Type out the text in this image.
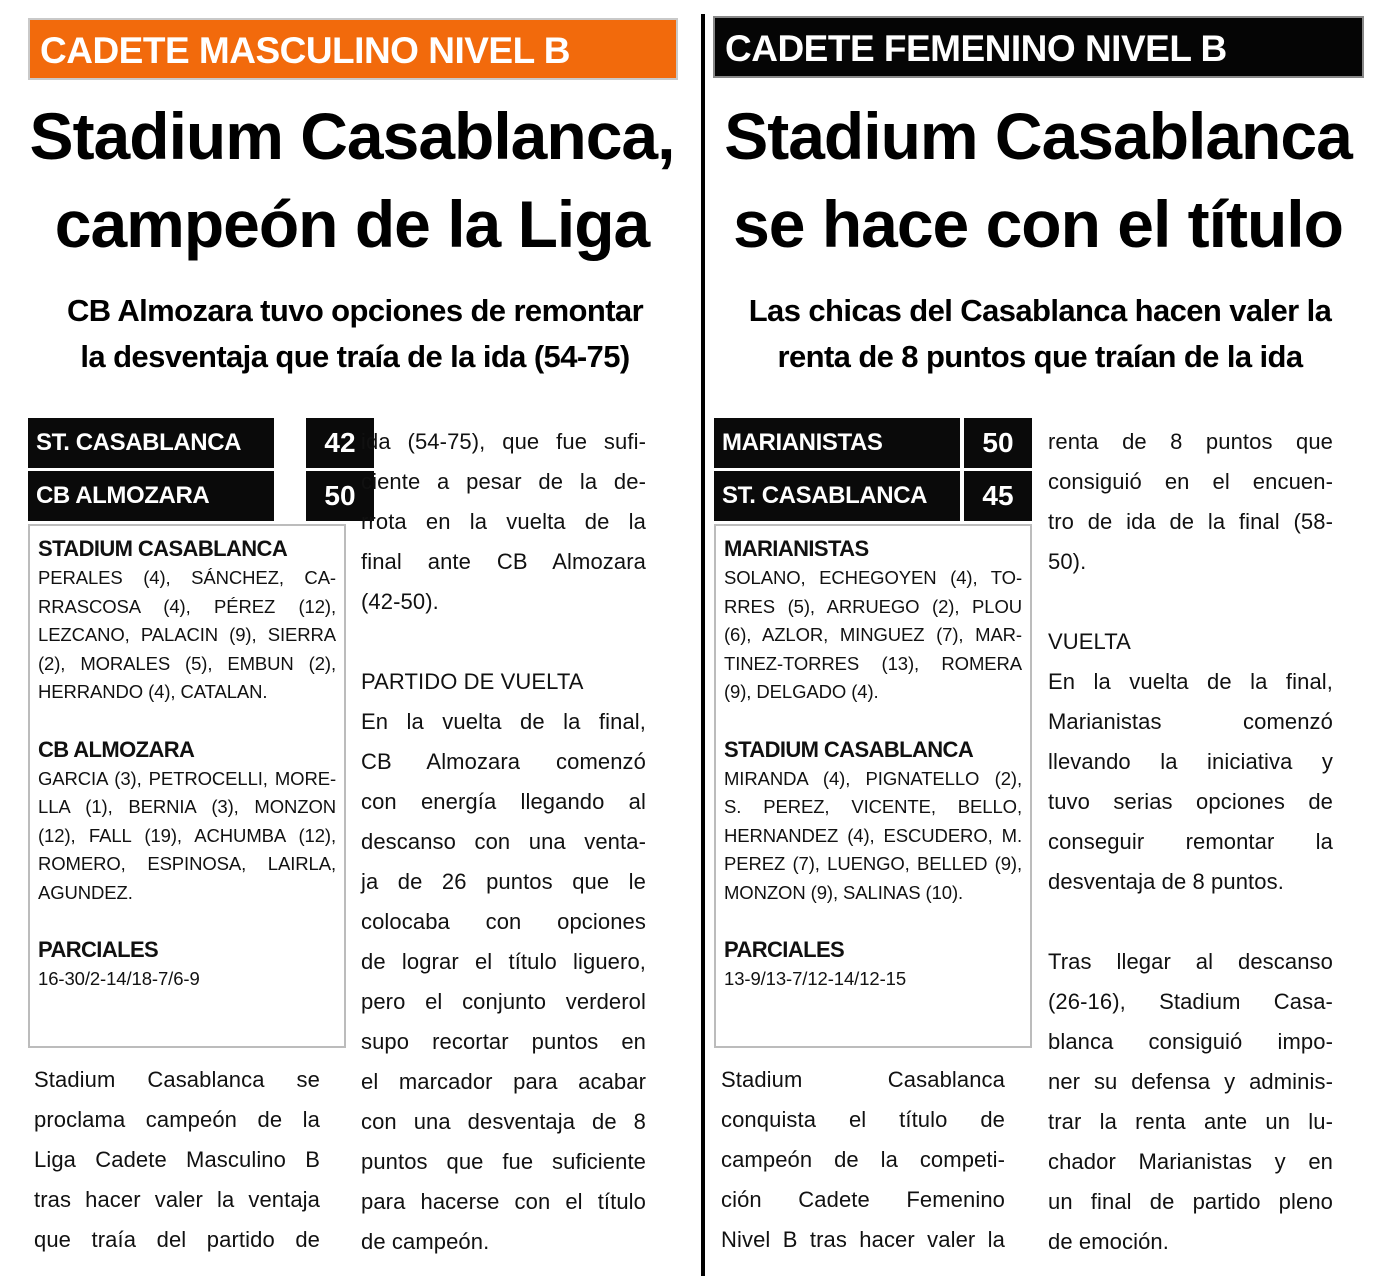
CADETE MASCULINO NIVEL B
Stadium Casablanca,
campeón de la Liga
CB Almozara tuvo opciones de remontar
la desventaja que traía de la ida (54-75)
ST. CASABLANCA	42
CB ALMOZARA	50
STADIUM CASABLANCA

PERALES (4), SÁNCHEZ, CA-

RRASCOSA (4), PÉREZ (12),

LEZCANO, PALACIN (9), SIERRA

(2), MORALES (5), EMBUN (2),

HERRANDO (4), CATALAN.

CB ALMOZARA

GARCIA (3), PETROCELLI, MORE-

LLA (1), BERNIA (3), MONZON

(12), FALL (19), ACHUMBA (12),

ROMERO, ESPINOSA, LAIRLA,

AGUNDEZ.

PARCIALES

16-30/2-14/18-7/6-9

Stadium Casablanca se

proclama campeón de la

Liga Cadete Masculino B

tras hacer valer la ventaja

que traía del partido de

ida (54-75), que fue sufi-

ciente a pesar de la de-

rrota en la vuelta de la

final ante CB Almozara

(42-50).

PARTIDO DE VUELTA

En la vuelta de la final,

CB Almozara comenzó

con energía llegando al

descanso con una venta-

ja de 26 puntos que le

colocaba con opciones

de lograr el título liguero,

pero el conjunto verderol

supo recortar puntos en

el marcador para acabar

con una desventaja de 8

puntos que fue suficiente

para hacerse con el título

de campeón.

CADETE FEMENINO NIVEL B
Stadium Casablanca
se hace con el título
Las chicas del Casablanca hacen valer la
renta de 8 puntos que traían de la ida
MARIANISTAS	50
ST. CASABLANCA	45
MARIANISTAS

SOLANO, ECHEGOYEN (4), TO-

RRES (5), ARRUEGO (2), PLOU

(6), AZLOR, MINGUEZ (7), MAR-

TINEZ-TORRES (13), ROMERA

(9), DELGADO (4).

STADIUM CASABLANCA

MIRANDA (4), PIGNATELLO (2),

S. PEREZ, VICENTE, BELLO,

HERNANDEZ (4), ESCUDERO, M.

PEREZ (7), LUENGO, BELLED (9),

MONZON (9), SALINAS (10).

PARCIALES

13-9/13-7/12-14/12-15

Stadium Casablanca

conquista el título de

campeón de la competi-

ción Cadete Femenino

Nivel B tras hacer valer la

renta de 8 puntos que

consiguió en el encuen-

tro de ida de la final (58-

50).

VUELTA

En la vuelta de la final,

Marianistas comenzó

llevando la iniciativa y

tuvo serias opciones de

conseguir remontar la

desventaja de 8 puntos.

Tras llegar al descanso

(26-16), Stadium Casa-

blanca consiguió impo-

ner su defensa y adminis-

trar la renta ante un lu-

chador Marianistas y en

un final de partido pleno

de emoción.
